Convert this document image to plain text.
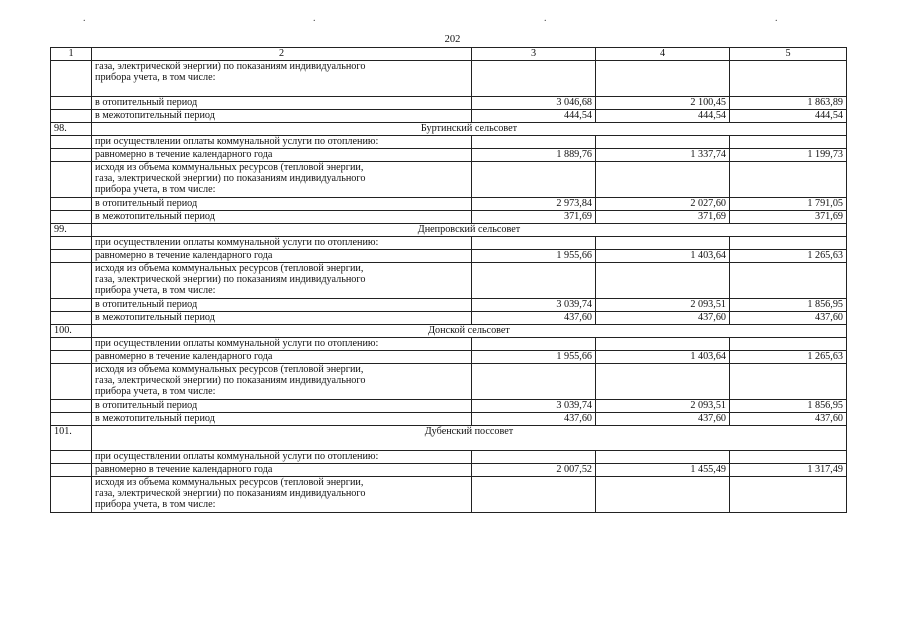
.	.	.	.
202
1	2	3	4	5
	газа, электрической энергии) по показаниям индивидуального
прибора учета, в том числе:			
	в отопительный период	3 046,68	2 100,45	1 863,89
	в межотопительный период	444,54	444,54	444,54
98.	Буртинский сельсовет			
	при осуществлении оплаты коммунальной услуги по отоплению:			
	равномерно в течение календарного года	1 889,76	1 337,74	1 199,73
	исходя из объема коммунальных ресурсов (тепловой энергии,
газа, электрической энергии) по показаниям индивидуального
прибора учета, в том числе:			
	в отопительный период	2 973,84	2 027,60	1 791,05
	в межотопительный период	371,69	371,69	371,69
99.	Днепровский сельсовет			
	при осуществлении оплаты коммунальной услуги по отоплению:			
	равномерно в течение календарного года	1 955,66	1 403,64	1 265,63
	исходя из объема коммунальных ресурсов (тепловой энергии,
газа, электрической энергии) по показаниям индивидуального
прибора учета, в том числе:			
	в отопительный период	3 039,74	2 093,51	1 856,95
	в межотопительный период	437,60	437,60	437,60
100.	Донской сельсовет			
	при осуществлении оплаты коммунальной услуги по отоплению:			
	равномерно в течение календарного года	1 955,66	1 403,64	1 265,63
	исходя из объема коммунальных ресурсов (тепловой энергии,
газа, электрической энергии) по показаниям индивидуального
прибора учета, в том числе:			
	в отопительный период	3 039,74	2 093,51	1 856,95
	в межотопительный период	437,60	437,60	437,60
101.	Дубенский поссовет			
	при осуществлении оплаты коммунальной услуги по отоплению:			
	равномерно в течение календарного года	2 007,52	1 455,49	1 317,49
	исходя из объема коммунальных ресурсов (тепловой энергии,
газа, электрической энергии) по показаниям индивидуального
прибора учета, в том числе:			
